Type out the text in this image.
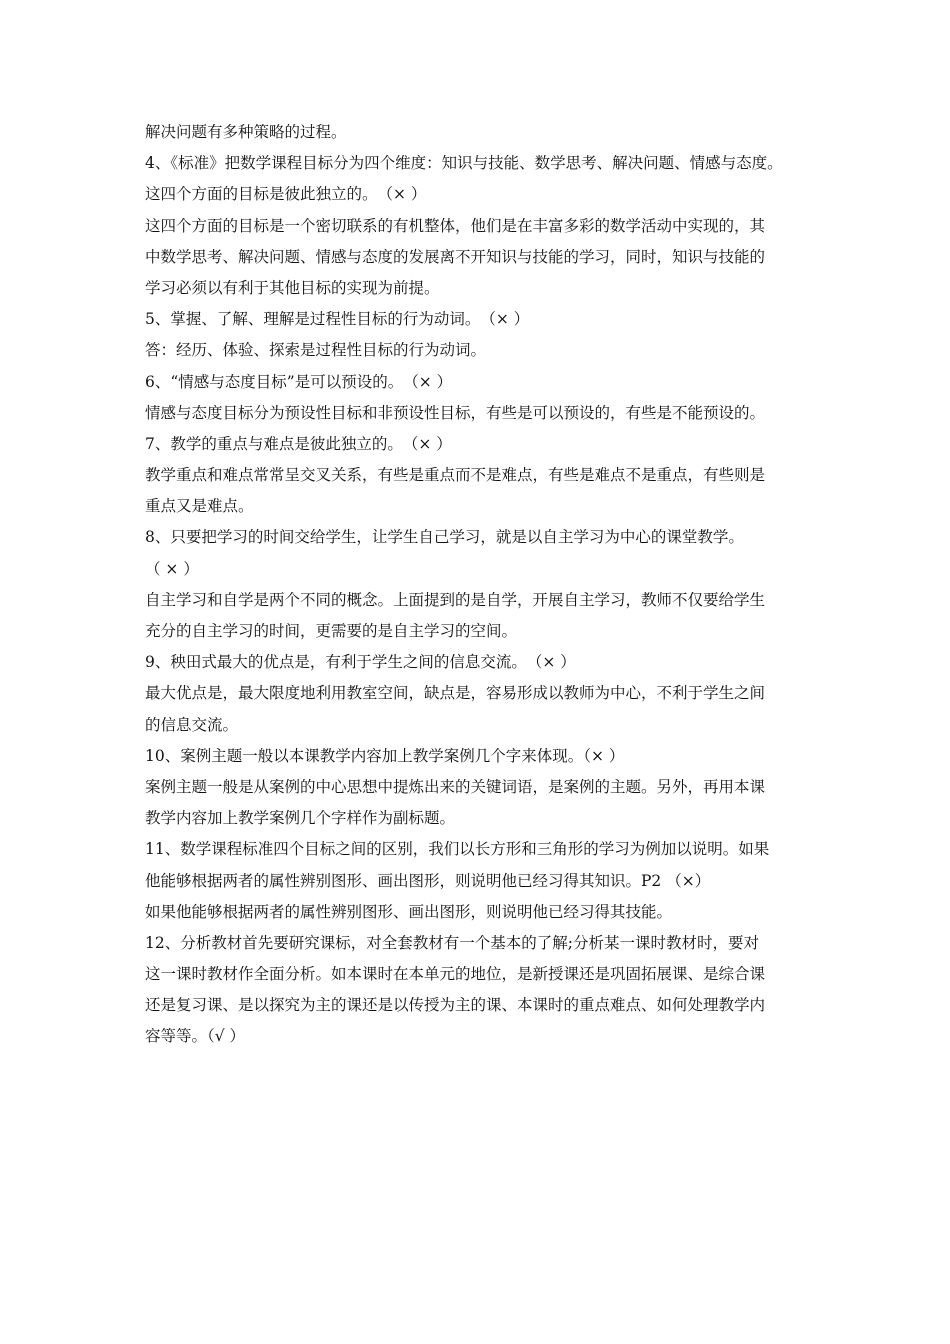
解决问题有多种策略的过程。

4、《标准》把数学课程目标分为四个维度：知识与技能、数学思考、解决问题、情感与态度。

这四个方面的目标是彼此独立的。　（× ）

这四个方面的目标是一个密切联系的有机整体，他们是在丰富多彩的数学活动中实现的，其

中数学思考、解决问题、情感与态度的发展离不开知识与技能的学习，同时，知识与技能的

学习必须以有利于其他目标的实现为前提。

5、掌握、了解、理解是过程性目标的行为动词。　（× ）

答：经历、体验、探索是过程性目标的行为动词。

6、“情感与态度目标”是可以预设的。　（× ）

情感与态度目标分为预设性目标和非预设性目标，有些是可以预设的，有些是不能预设的。

7、教学的重点与难点是彼此独立的。　（× ）

教学重点和难点常常呈交叉关系，有些是重点而不是难点，有些是难点不是重点，有些则是

重点又是难点。

8、只要把学习的时间交给学生，让学生自己学习，就是以自主学习为中心的课堂教学。

（ × ）

自主学习和自学是两个不同的概念。上面提到的是自学，开展自主学习，教师不仅要给学生

充分的自主学习的时间，更需要的是自主学习的空间。

9、秧田式最大的优点是，有利于学生之间的信息交流。　（× ）

最大优点是，最大限度地利用教室空间，缺点是，容易形成以教师为中心，不利于学生之间

的信息交流。

10、案例主题一般以本课教学内容加上教学案例几个字来体现。（× ）

案例主题一般是从案例的中心思想中提炼出来的关键词语，是案例的主题。另外，再用本课

教学内容加上教学案例几个字样作为副标题。

11、数学课程标准四个目标之间的区别，我们以长方形和三角形的学习为例加以说明。如果

他能够根据两者的属性辨别图形、画出图形，则说明他已经习得其知识。P2 （×）

如果他能够根据两者的属性辨别图形、画出图形，则说明他已经习得其技能。

12、分析教材首先要研究课标，对全套教材有一个基本的了解;分析某一课时教材时，要对

这一课时教材作全面分析。如本课时在本单元的地位，是新授课还是巩固拓展课、是综合课

还是复习课、是以探究为主的课还是以传授为主的课、本课时的重点难点、如何处理教学内

容等等。（√ ）
